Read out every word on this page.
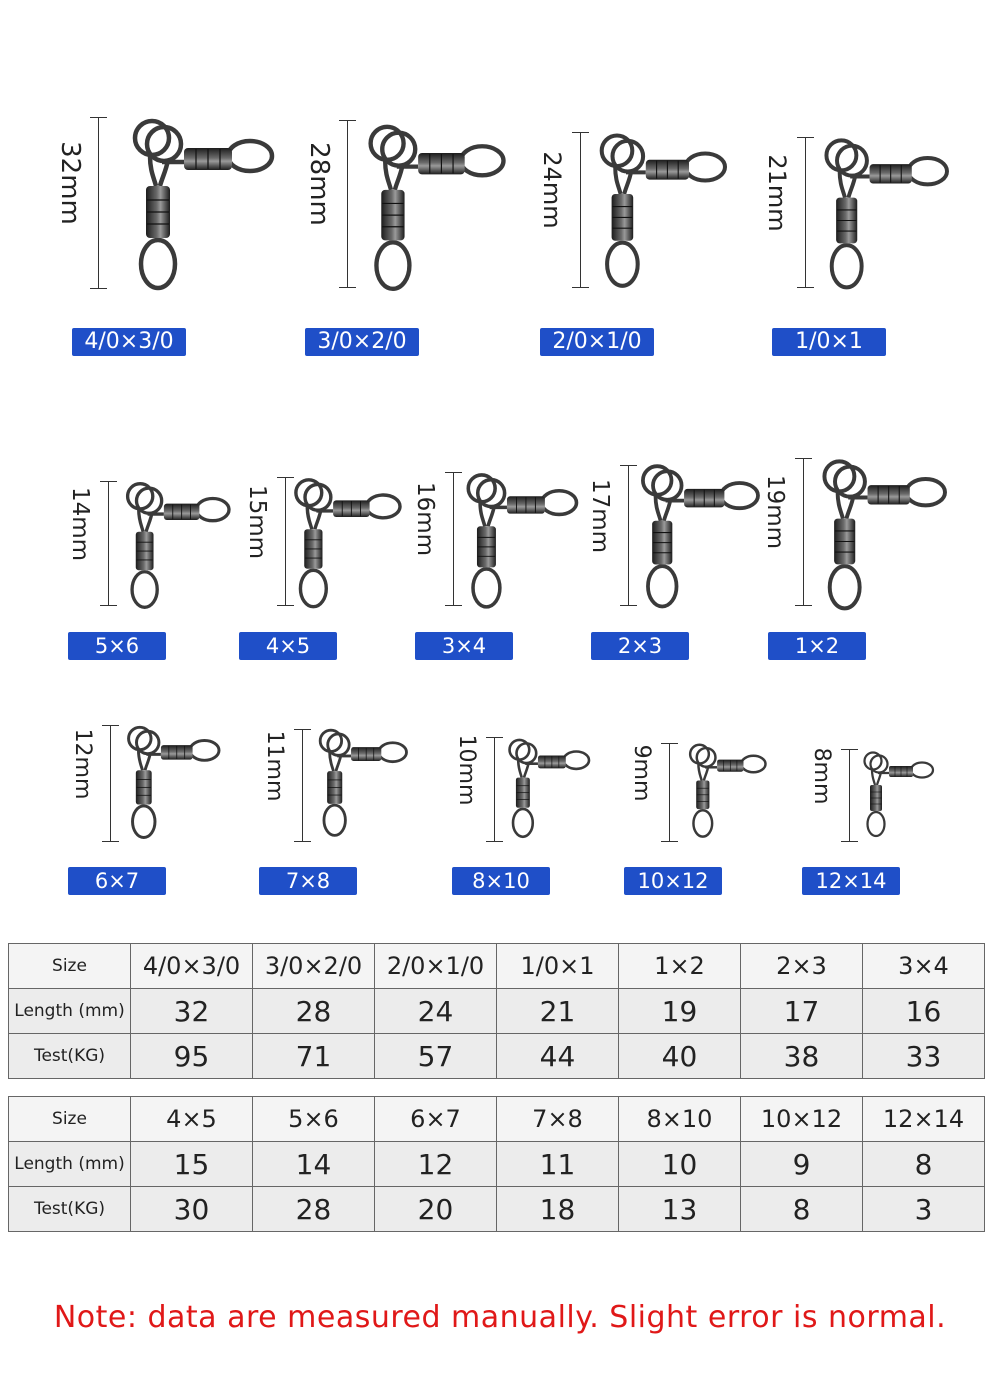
32mm
4/0×3/0
28mm
3/0×2/0
24mm
2/0×1/0
21mm
1/0×1
14mm
5×6
15mm
4×5
16mm
3×4
17mm
2×3
19mm
1×2
12mm
6×7
11mm
7×8
10mm
8×10
9mm
10×12
8mm
12×14
Size	4/0×3/0	3/0×2/0	2/0×1/0	1/0×1	1×2	2×3	3×4
Length (mm)	32	28	24	21	19	17	16
Test(KG)	95	71	57	44	40	38	33
Size	4×5	5×6	6×7	7×8	8×10	10×12	12×14
Length (mm)	15	14	12	11	10	9	8
Test(KG)	30	28	20	18	13	8	3
Note: data are measured manually. Slight error is normal.
